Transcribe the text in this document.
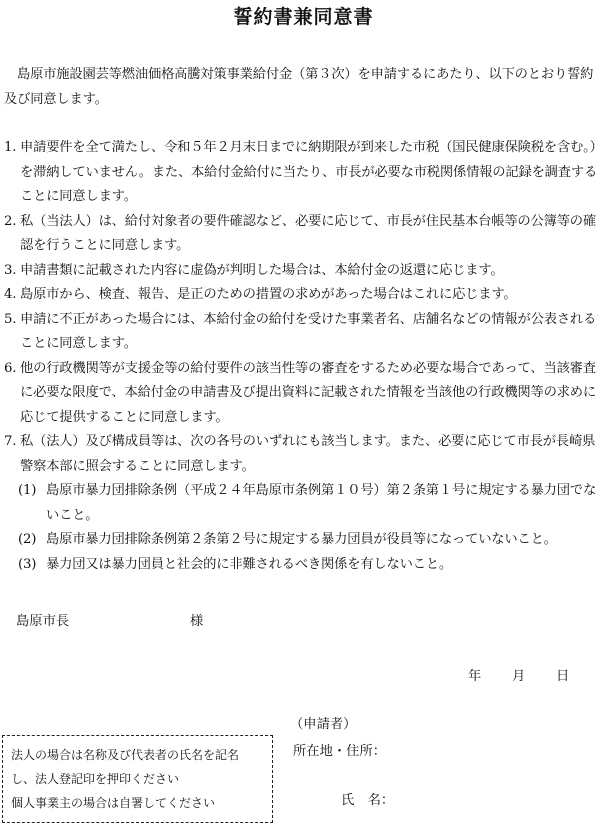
誓約書兼同意書
島原市施設園芸等燃油価格高騰対策事業給付金（第３次）を申請するにあたり、以下のとおり誓約及び同意します。
1. 申請要件を全て満たし、令和５年２月末日までに納期限が到来した市税（国民健康保険税を含む。）を滞納していません。また、本給付金給付に当たり、市長が必要な市税関係情報の記録を調査することに同意します。
2. 私（当法人）は、給付対象者の要件確認など、必要に応じて、市長が住民基本台帳等の公簿等の確認を行うことに同意します。
3. 申請書類に記載された内容に虚偽が判明した場合は、本給付金の返還に応じます。
4. 島原市から、検査、報告、是正のための措置の求めがあった場合はこれに応じます。
5. 申請に不正があった場合には、本給付金の給付を受けた事業者名、店舗名などの情報が公表されることに同意します。
6. 他の行政機関等が支援金等の給付要件の該当性等の審査をするため必要な場合であって、当該審査に必要な限度で、本給付金の申請書及び提出資料に記載された情報を当該他の行政機関等の求めに応じて提供することに同意します。
7. 私（法人）及び構成員等は、次の各号のいずれにも該当します。また、必要に応じて市長が長崎県警察本部に照会することに同意します。
(1) 島原市暴力団排除条例（平成２４年島原市条例第１０号）第２条第１号に規定する暴力団でないこと。
(2) 島原市暴力団排除条例第２条第２号に規定する暴力団員が役員等になっていないこと。
(3) 暴力団又は暴力団員と社会的に非難されるべき関係を有しないこと。
島原市長	様
年 月 日
（申請者）
所在地・住所：
氏　名：
法人の場合は名称及び代表者の氏名を記名
し、法人登記印を押印ください
個人事業主の場合は自署してください
